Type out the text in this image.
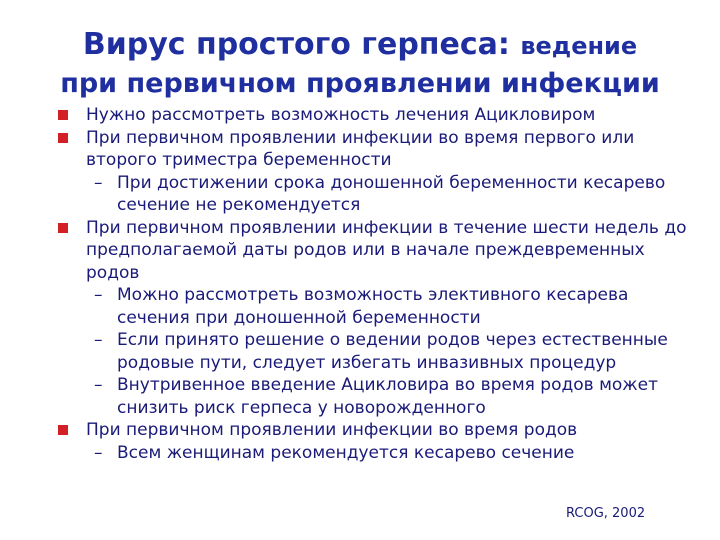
Вирус простого герпеса: ведение
при первичном проявлении инфекции
Нужно рассмотреть возможность лечения Ацикловиром
При первичном проявлении инфекции во время первого или второго триместра беременности
– При достижении срока доношенной беременности кесарево сечение не рекомендуется
При первичном проявлении инфекции в течение шести недель до предполагаемой даты родов или в начале преждевременных родов
– Можно рассмотреть возможность элективного кесарева сечения при доношенной беременности
– Если принято решение о ведении родов через естественные родовые пути, следует избегать инвазивных процедур
– Внутривенное введение Ацикловира во время родов может снизить риск герпеса у новорожденного
При первичном проявлении инфекции во время родов
– Всем женщинам рекомендуется кесарево сечение
RCOG, 2002
